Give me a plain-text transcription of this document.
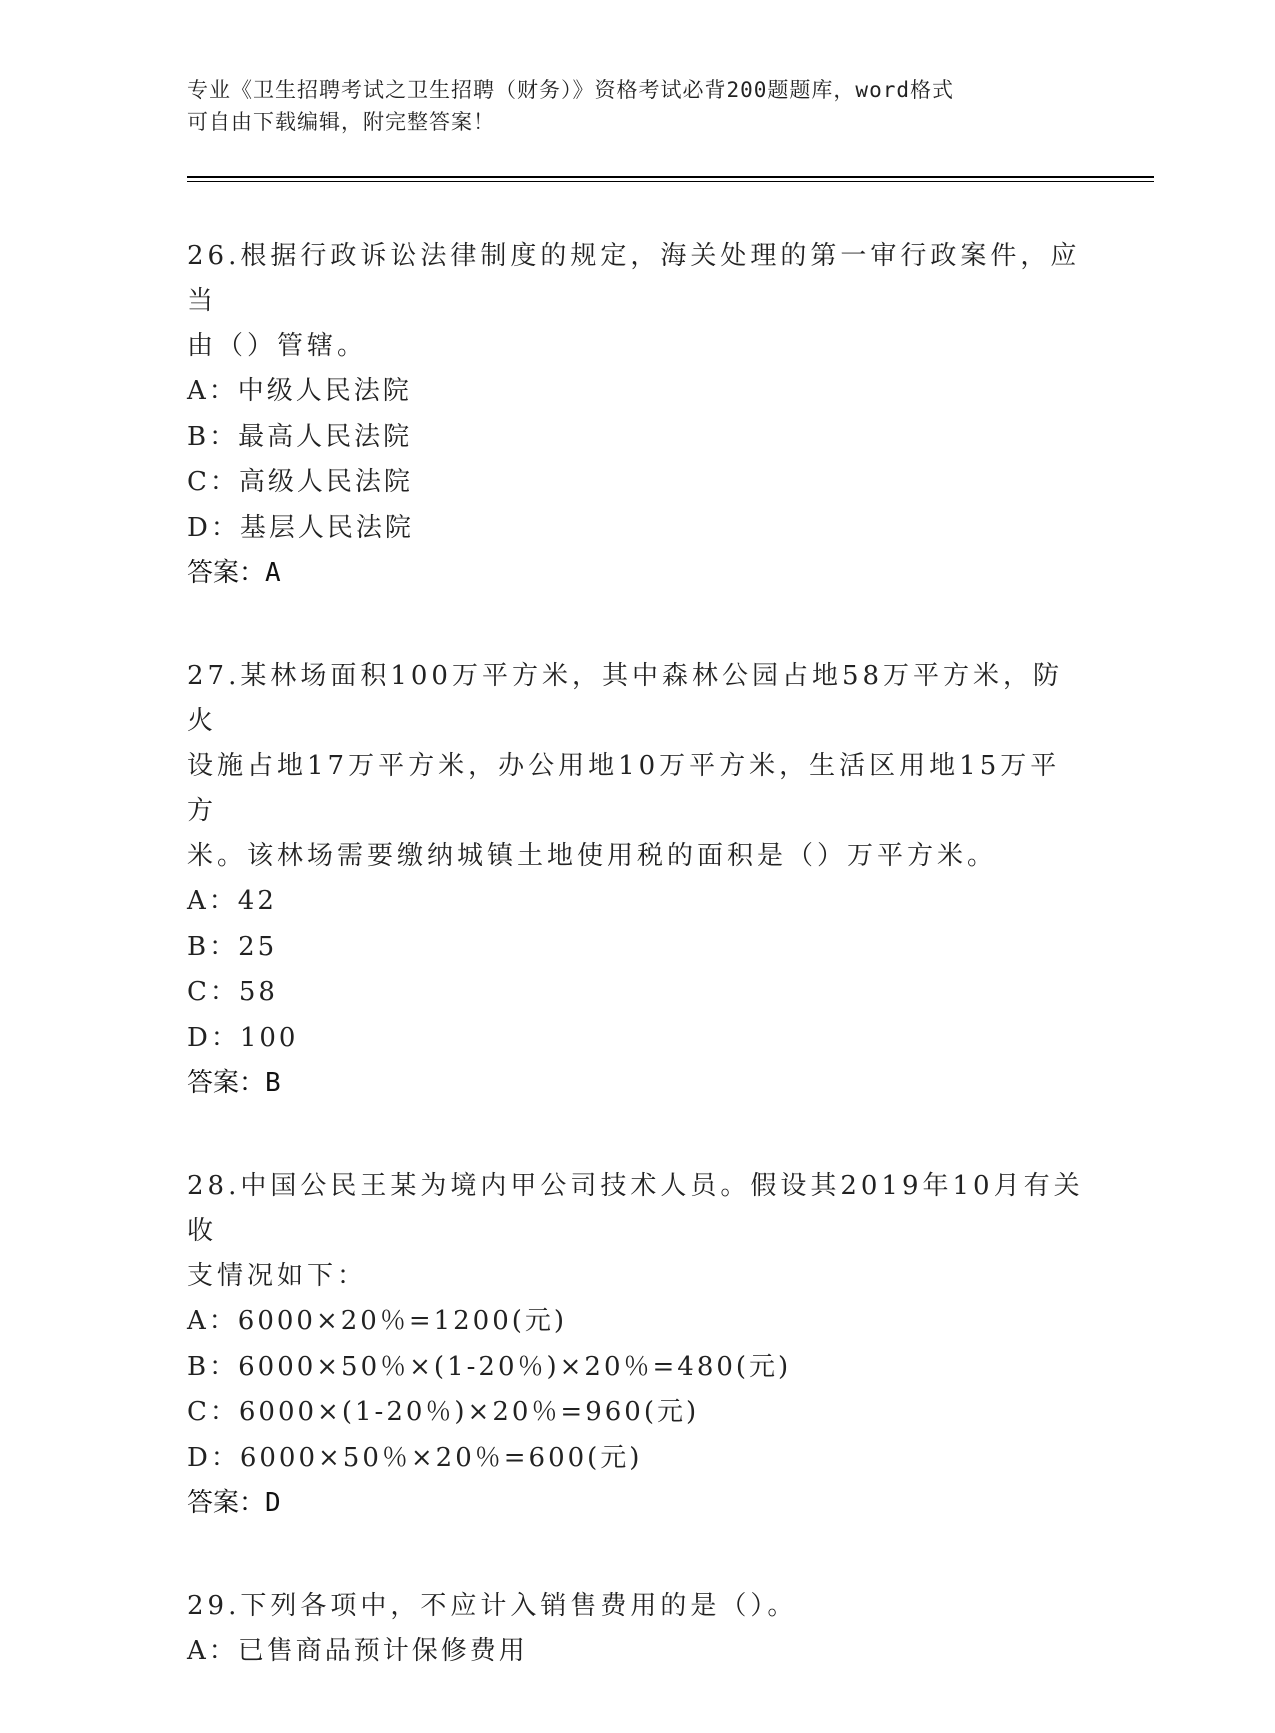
专业《卫生招聘考试之卫生招聘（财务）》资格考试必背200题题库，word格式
可自由下载编辑，附完整答案！
26.根据行政诉讼法律制度的规定，海关处理的第一审行政案件，应当
由（）管辖。
A：中级人民法院
B：最高人民法院
C：高级人民法院
D：基层人民法院
答案：A
27.某林场面积100万平方米，其中森林公园占地58万平方米，防火
设施占地17万平方米，办公用地10万平方米，生活区用地15万平方
米。该林场需要缴纳城镇土地使用税的面积是（）万平方米。
A：42
B：25
C：58
D：100
答案：B
28.中国公民王某为境内甲公司技术人员。假设其2019年10月有关收
支情况如下：
A：6000×20％=1200(元)
B：6000×50％×(1-20％)×20％=480(元)
C：6000×(1-20％)×20％=960(元)
D：6000×50％×20％=600(元)
答案：D
29.下列各项中，不应计入销售费用的是（）。
A：已售商品预计保修费用
